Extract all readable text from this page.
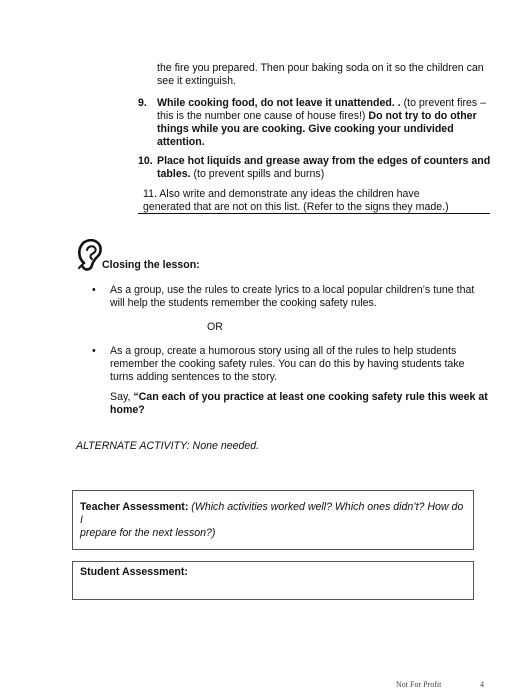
the fire you prepared. Then pour baking soda on it so the children can
see it extinguish.
9. While cooking food, do not leave it unattended. . (to prevent fires –
this is the number one cause of house fires!) Do not try to do other
things while you are cooking. Give cooking your undivided
attention.
10. Place hot liquids and grease away from the edges of counters and
tables. (to prevent spills and burns)
11. Also write and demonstrate any ideas the children have
generated that are not on this list. (Refer to the signs they made.)
Closing the lesson:
• As a group, use the rules to create lyrics to a local popular children’s tune that
will help the students remember the cooking safety rules.
OR
• As a group, create a humorous story using all of the rules to help students
remember the cooking safety rules. You can do this by having students take
turns adding sentences to the story.
Say, “Can each of you practice at least one cooking safety rule this week at
home?
ALTERNATE ACTIVITY: None needed.
Teacher Assessment: (Which activities worked well? Which ones didn’t? How do I
prepare for the next lesson?)
Student Assessment:
Not For Profit	4
